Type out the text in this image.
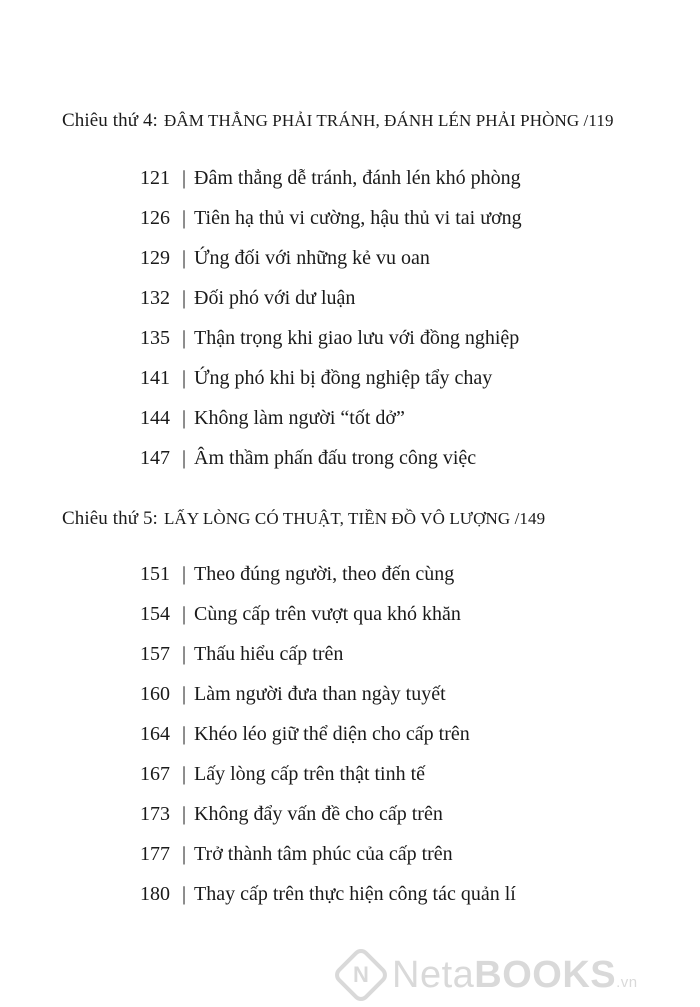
Chiêu thứ 4: ĐÂM THẲNG PHẢI TRÁNH, ĐÁNH LÉN PHẢI PHÒNG /119
121 | Đâm thẳng dễ tránh, đánh lén khó phòng
126 | Tiên hạ thủ vi cường, hậu thủ vi tai ương
129 | Ứng đối với những kẻ vu oan
132 | Đối phó với dư luận
135 | Thận trọng khi giao lưu với đồng nghiệp
141 | Ứng phó khi bị đồng nghiệp tẩy chay
144 | Không làm người “tốt dở”
147 | Âm thầm phấn đấu trong công việc
Chiêu thứ 5: LẤY LÒNG CÓ THUẬT, TIỀN ĐỒ VÔ LƯỢNG /149
151 | Theo đúng người, theo đến cùng
154 | Cùng cấp trên vượt qua khó khăn
157 | Thấu hiểu cấp trên
160 | Làm người đưa than ngày tuyết
164 | Khéo léo giữ thể diện cho cấp trên
167 | Lấy lòng cấp trên thật tinh tế
173 | Không đẩy vấn đề cho cấp trên
177 | Trở thành tâm phúc của cấp trên
180 | Thay cấp trên thực hiện công tác quản lí
N NetaBOOKS.vn
